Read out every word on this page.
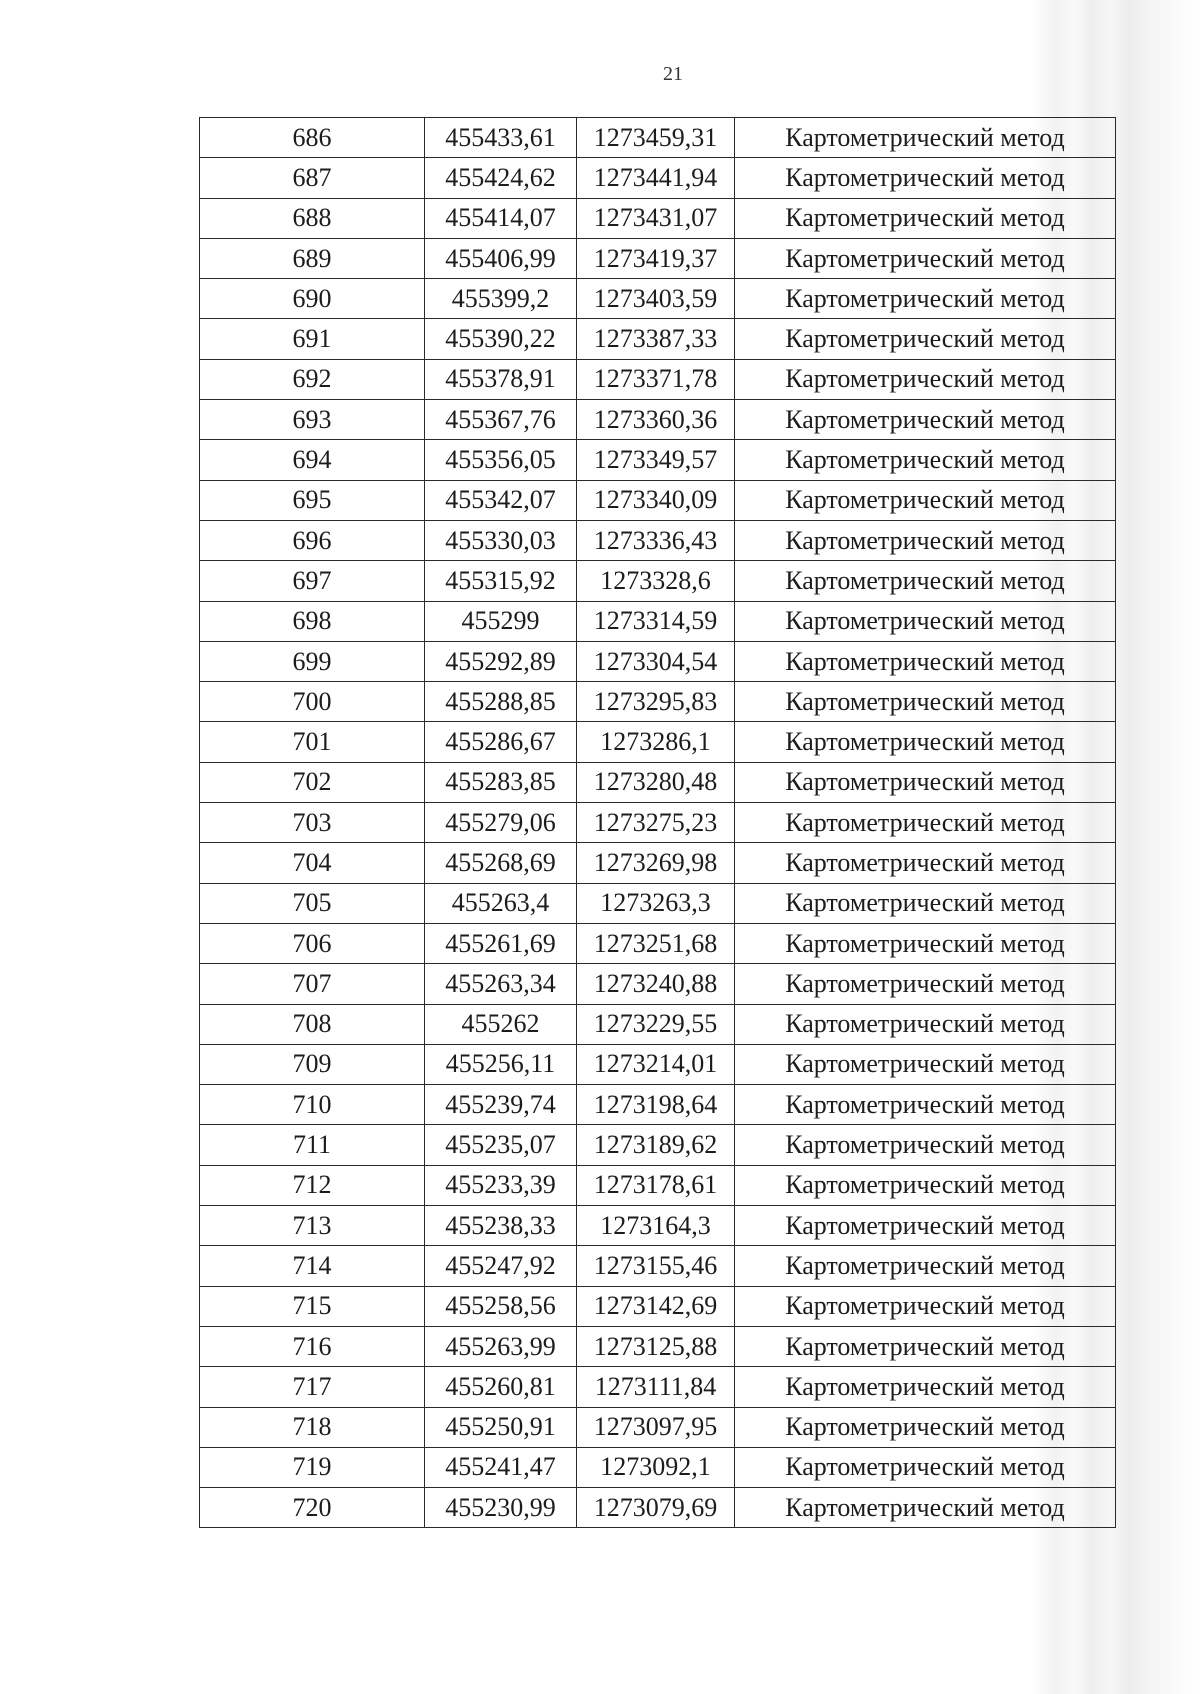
21
686	455433,61	1273459,31	Картометрический метод
687	455424,62	1273441,94	Картометрический метод
688	455414,07	1273431,07	Картометрический метод
689	455406,99	1273419,37	Картометрический метод
690	455399,2	1273403,59	Картометрический метод
691	455390,22	1273387,33	Картометрический метод
692	455378,91	1273371,78	Картометрический метод
693	455367,76	1273360,36	Картометрический метод
694	455356,05	1273349,57	Картометрический метод
695	455342,07	1273340,09	Картометрический метод
696	455330,03	1273336,43	Картометрический метод
697	455315,92	1273328,6	Картометрический метод
698	455299	1273314,59	Картометрический метод
699	455292,89	1273304,54	Картометрический метод
700	455288,85	1273295,83	Картометрический метод
701	455286,67	1273286,1	Картометрический метод
702	455283,85	1273280,48	Картометрический метод
703	455279,06	1273275,23	Картометрический метод
704	455268,69	1273269,98	Картометрический метод
705	455263,4	1273263,3	Картометрический метод
706	455261,69	1273251,68	Картометрический метод
707	455263,34	1273240,88	Картометрический метод
708	455262	1273229,55	Картометрический метод
709	455256,11	1273214,01	Картометрический метод
710	455239,74	1273198,64	Картометрический метод
711	455235,07	1273189,62	Картометрический метод
712	455233,39	1273178,61	Картометрический метод
713	455238,33	1273164,3	Картометрический метод
714	455247,92	1273155,46	Картометрический метод
715	455258,56	1273142,69	Картометрический метод
716	455263,99	1273125,88	Картометрический метод
717	455260,81	1273111,84	Картометрический метод
718	455250,91	1273097,95	Картометрический метод
719	455241,47	1273092,1	Картометрический метод
720	455230,99	1273079,69	Картометрический метод
